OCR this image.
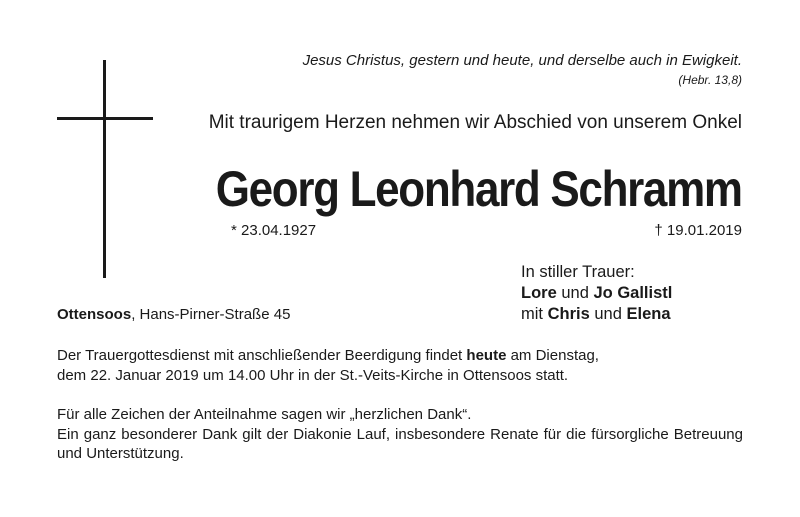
Jesus Christus, gestern und heute, und derselbe auch in Ewigkeit.
(Hebr. 13,8)
Mit traurigem Herzen nehmen wir Abschied von unserem Onkel
Georg Leonhard Schramm
* 23.04.1927	† 19.01.2019
In stiller Trauer:
Lore und Jo Gallistl
mit Chris und Elena
Ottensoos, Hans-Pirner-Straße 45
Der Trauergottesdienst mit anschließender Beerdigung findet heute am Dienstag,
dem 22. Januar 2019 um 14.00 Uhr in der St.-Veits-Kirche in Ottensoos statt.
Für alle Zeichen der Anteilnahme sagen wir „herzlichen Dank“.
Ein ganz besonderer Dank gilt der Diakonie Lauf, insbesondere Renate für die fürsorgliche Betreuung und Unterstützung.
